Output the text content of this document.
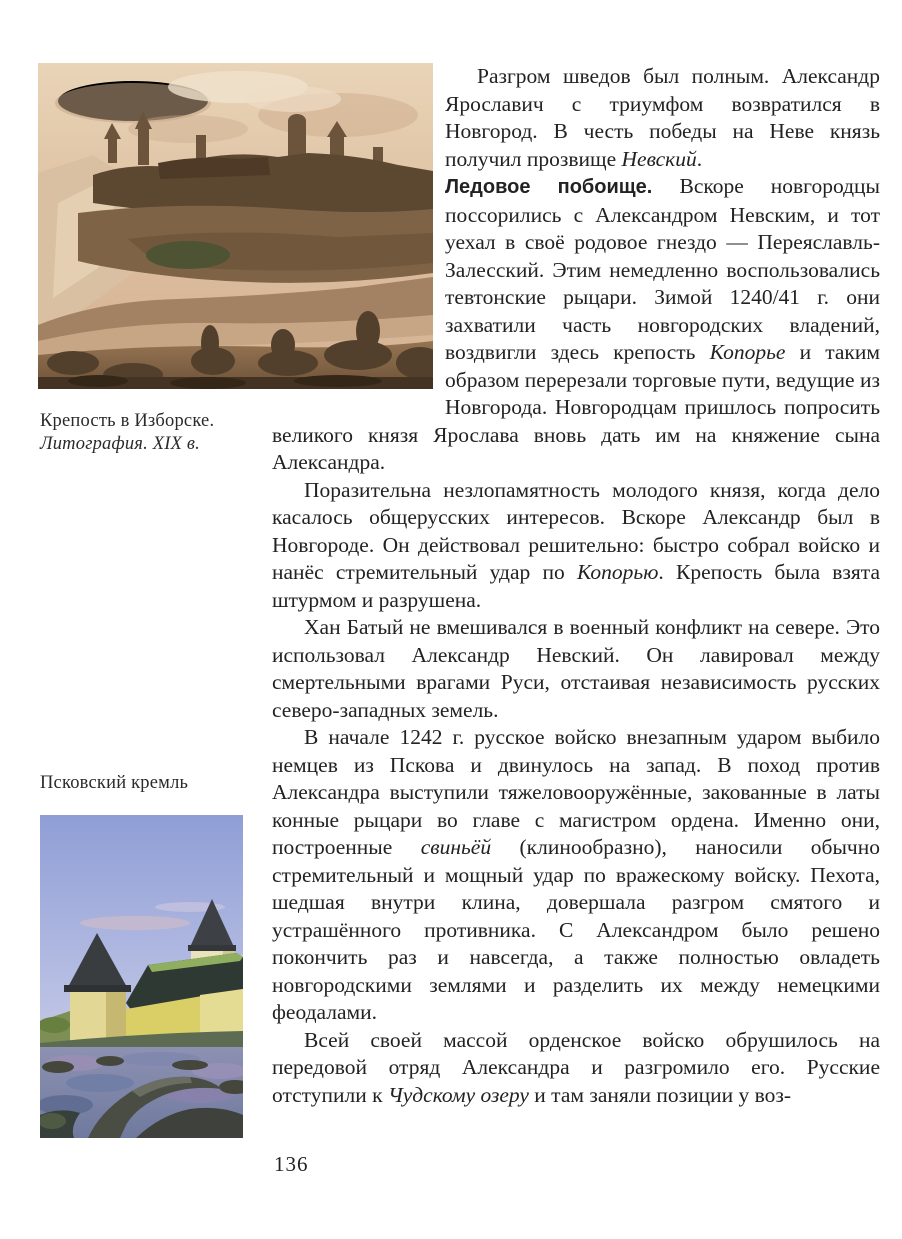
Крепость в Изборске.
Литография. XIX в.
Псковский кремль

Разгром шведов был полным. Александр Ярославич с триумфом возвратился в Новгород. В честь победы на Неве князь получил прозвище Невский.

Ледовое побоище. Вскоре новгородцы поссорились с Александром Невским, и тот уехал в своё родовое гнездо — Переяславль-Залесский. Этим немедленно воспользовались тевтонские рыцари. Зимой 1240/41 г. они захватили часть новгородских владений, воздвигли здесь крепость Копорье и таким образом перерезали торговые пути, ведущие из Новгорода. Новгородцам пришлось попросить великого князя Ярослава вновь дать им на княжение сына Александра.

Поразительна незлопамятность молодого князя, когда дело касалось общерусских интересов. Вскоре Александр был в Новгороде. Он действовал решительно: быстро собрал войско и нанёс стремительный удар по Копорью. Крепость была взята штурмом и разрушена.

Хан Батый не вмешивался в военный конфликт на севере. Это использовал Александр Невский. Он лавировал между смертельными врагами Руси, отстаивая независимость русских северо-западных земель.

В начале 1242 г. русское войско внезапным ударом выбило немцев из Пскова и двинулось на запад. В поход против Александра выступили тяжеловооружённые, закованные в латы конные рыцари во главе с магистром ордена. Именно они, построенные свиньёй (клинообразно), наносили обычно стремительный и мощный удар по вражескому войску. Пехота, шедшая внутри клина, довершала разгром смятого и устрашённого противника. С Александром было решено покончить раз и навсегда, а также полностью овладеть новгородскими землями и разделить их между немецкими феодалами.

Всей своей массой орденское войско обрушилось на передовой отряд Александра и разгромило его. Русские отступили к Чудскому озеру и там заняли позиции у воз-

136
